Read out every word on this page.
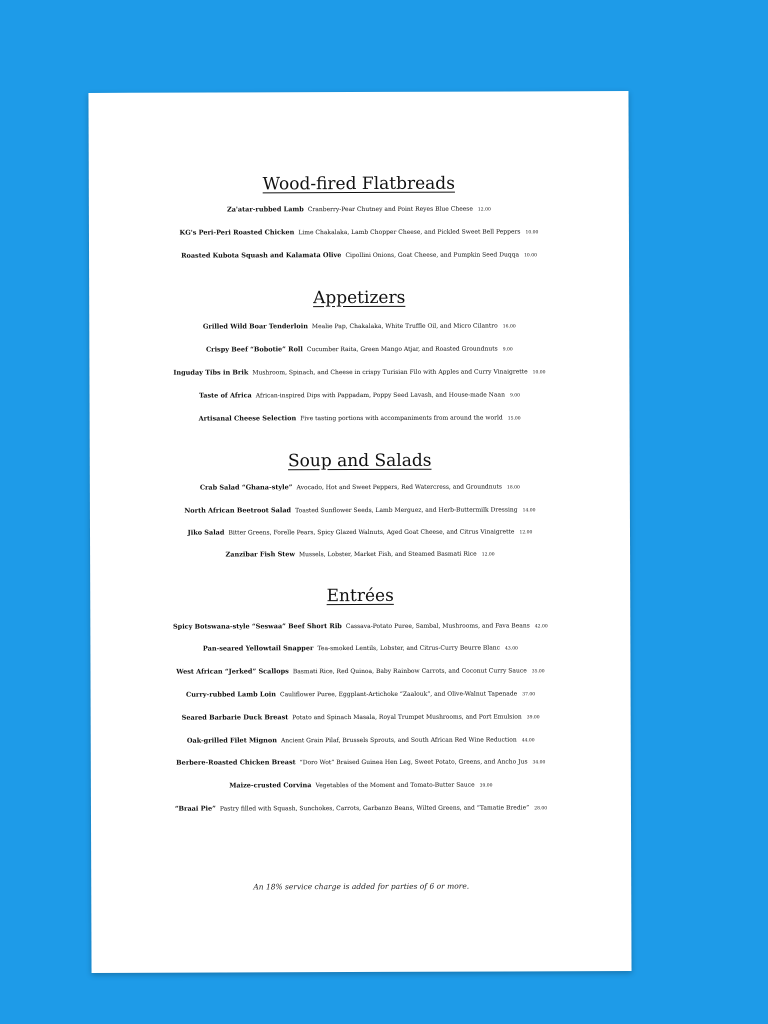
Wood-fired Flatbreads
Za'atar-rubbed Lamb Cranberry-Pear Chutney and Point Reyes Blue Cheese 12.00
KG's Peri-Peri Roasted Chicken Lime Chakalaka, Lamb Chopper Cheese, and Pickled Sweet Bell Peppers 10.00
Roasted Kubota Squash and Kalamata Olive Cipollini Onions, Goat Cheese, and Pumpkin Seed Duqqa 10.00
Appetizers
Grilled Wild Boar Tenderloin Mealie Pap, Chakalaka, White Truffle Oil, and Micro Cilantro 16.00
Crispy Beef “Bobotie” Roll Cucumber Raita, Green Mango Atjar, and Roasted Groundnuts 9.00
Inguday Tibs in Brik Mushroom, Spinach, and Cheese in crispy Turisian Filo with Apples and Curry Vinaigrette 10.00
Taste of Africa African-inspired Dips with Pappadam, Poppy Seed Lavash, and House-made Naan 9.00
Artisanal Cheese Selection Five tasting portions with accompaniments from around the world 15.00
Soup and Salads
Crab Salad “Ghana-style” Avocado, Hot and Sweet Peppers, Red Watercress, and Groundnuts 18.00
North African Beetroot Salad Toasted Sunflower Seeds, Lamb Merguez, and Herb-Buttermilk Dressing 14.00
Jiko Salad Bitter Greens, Forelle Pears, Spicy Glazed Walnuts, Aged Goat Cheese, and Citrus Vinaigrette 12.00
Zanzibar Fish Stew Mussels, Lobster, Market Fish, and Steamed Basmati Rice 12.00
Entrées
Spicy Botswana-style “Seswaa” Beef Short Rib Cassava-Potato Puree, Sambal, Mushrooms, and Fava Beans 42.00
Pan-seared Yellowtail Snapper Tea-smoked Lentils, Lobster, and Citrus-Curry Beurre Blanc 43.00
West African “Jerked” Scallops Basmati Rice, Red Quinoa, Baby Rainbow Carrots, and Coconut Curry Sauce 35.00
Curry-rubbed Lamb Loin Cauliflower Puree, Eggplant-Artichoke “Zaalouk”, and Olive-Walnut Tapenade 37.00
Seared Barbarie Duck Breast Potato and Spinach Masala, Royal Trumpet Mushrooms, and Port Emulsion 39.00
Oak-grilled Filet Mignon Ancient Grain Pilaf, Brussels Sprouts, and South African Red Wine Reduction 44.00
Berbere-Roasted Chicken Breast “Doro Wot” Braised Guinea Hen Leg, Sweet Potato, Greens, and Ancho Jus 34.00
Maize-crusted Corvina Vegetables of the Moment and Tomato-Butter Sauce 39.00
“Braai Pie” Pastry filled with Squash, Sunchokes, Carrots, Garbanzo Beans, Wilted Greens, and “Tamatie Bredie” 28.00
An 18% service charge is added for parties of 6 or more.
